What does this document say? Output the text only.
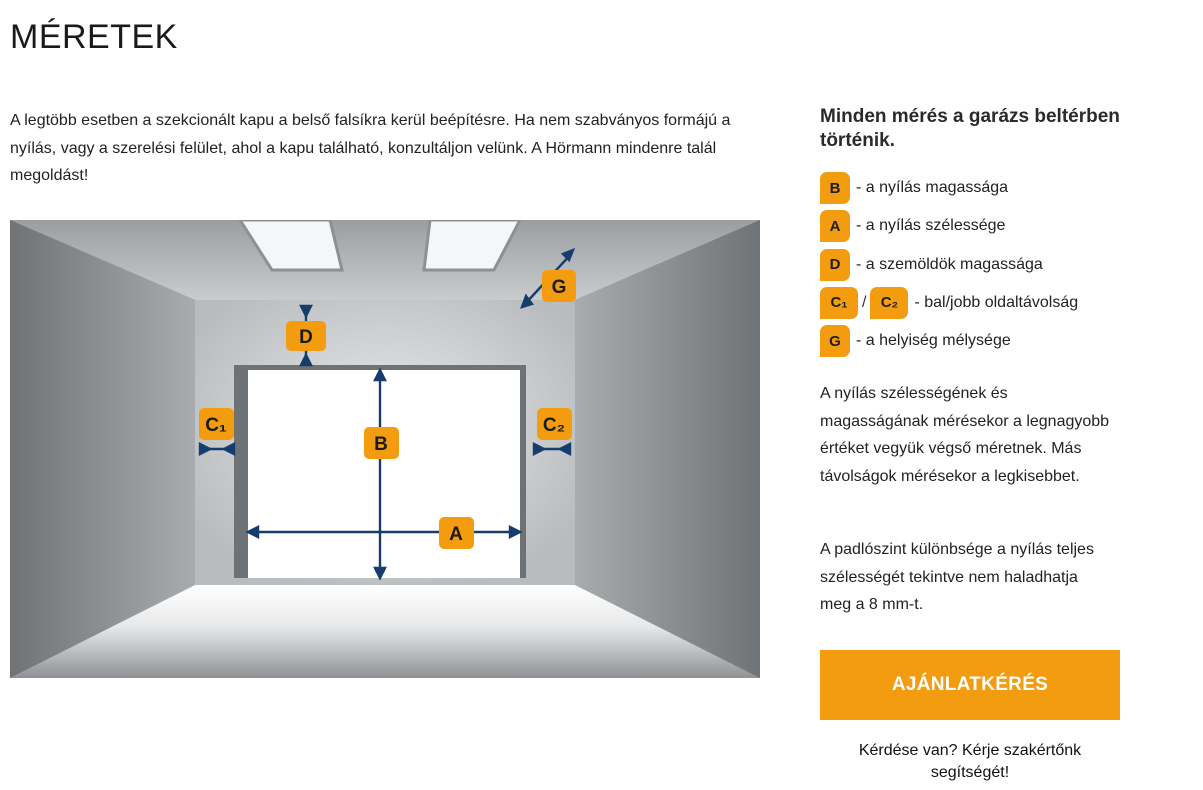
MÉRETEK

A legtöbb esetben a szekcionált kapu a belső falsíkra kerül beépítésre. Ha nem szabványos formájú a nyílás, vagy a szerelési felület, ahol a kapu található, konzultáljon velünk. A Hörmann mindenre talál megoldást!

D
B
A
C₁	C₂
G
Minden mérés a garázs beltérben történik.
B - a nyílás magassága
A - a nyílás szélessége
D - a szemöldök magassága
C₁ / C₂	- bal/jobb oldaltávolság
G - a helyiség mélysége

A nyílás szélességének és magasságának mérésekor a legnagyobb értéket vegyük végső méretnek. Más távolságok mérésekor a legkisebbet.

A padlószint különbsége a nyílás teljes szélességét tekintve nem haladhatja meg a 8 mm-t.

AJÁNLATKÉRÉS

Kérdése van? Kérje szakértőnk segítségét!
